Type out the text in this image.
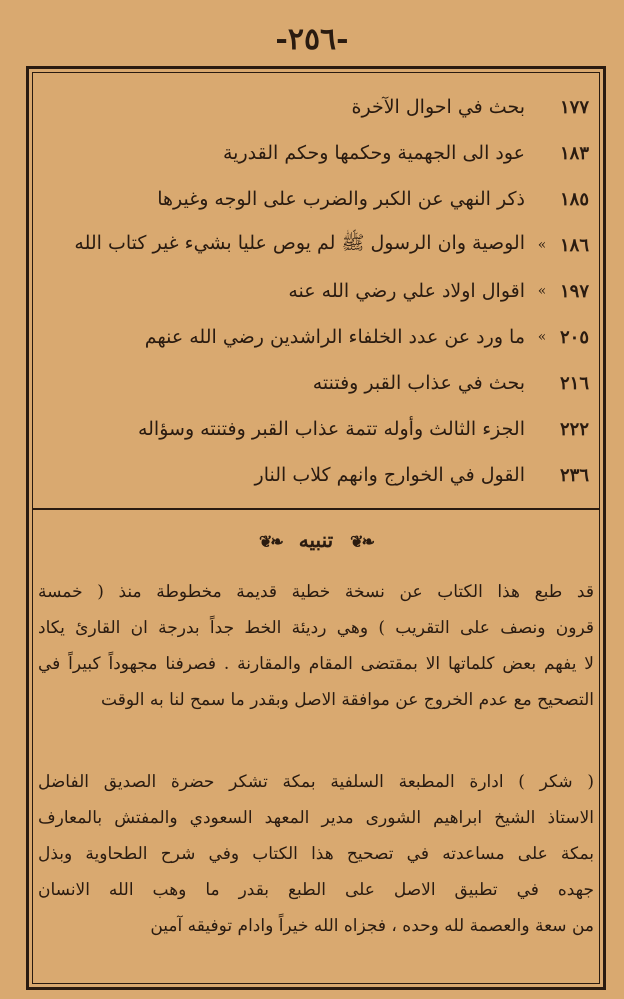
-٢٥٦-
١٧٧
بحث في احوال الآخرة
١٨٣
عود الى الجهمية وحكمها وحكم القدرية
١٨٥
ذكر النهي عن الكبر والضرب على الوجه وغيرها
١٨٦
»
الوصية وان الرسول ﷺ لم يوص عليا بشيء غير كتاب الله
١٩٧
»
اقوال اولاد علي رضي الله عنه
٢٠٥
»
ما ورد عن عدد الخلفاء الراشدين رضي الله عنهم
٢١٦
بحث في عذاب القبر وفتنته
٢٢٢
الجزء الثالث وأوله تتمة عذاب القبر وفتنته وسؤاله
٢٣٦
القول في الخوارج وانهم كلاب النار
❧❦ تنبيه ❧❦

قد طبع هذا الكتاب عن نسخة خطية قديمة مخطوطة منذ ( خمسة
قرون ونصف على التقريب ) وهي رديئة الخط جداً بدرجة ان القارئ يكاد
لا يفهم بعض كلماتها الا بمقتضى المقام والمقارنة . فصرفنا مجهوداً كبيراً في
التصحيح مع عدم الخروج عن موافقة الاصل وبقدر ما سمح لنا به الوقت

( شكر ) ادارة المطبعة السلفية بمكة تشكر حضرة الصديق الفاضل
الاستاذ الشيخ ابراهيم الشورى مدير المعهد السعودي والمفتش بالمعارف
بمكة على مساعدته في تصحيح هذا الكتاب وفي شرح الطحاوية وبذل
جهده في تطبيق الاصل على الطبع بقدر ما وهب الله الانسان
من سعة والعصمة لله وحده ، فجزاه الله خيراً وادام توفيقه آمين
